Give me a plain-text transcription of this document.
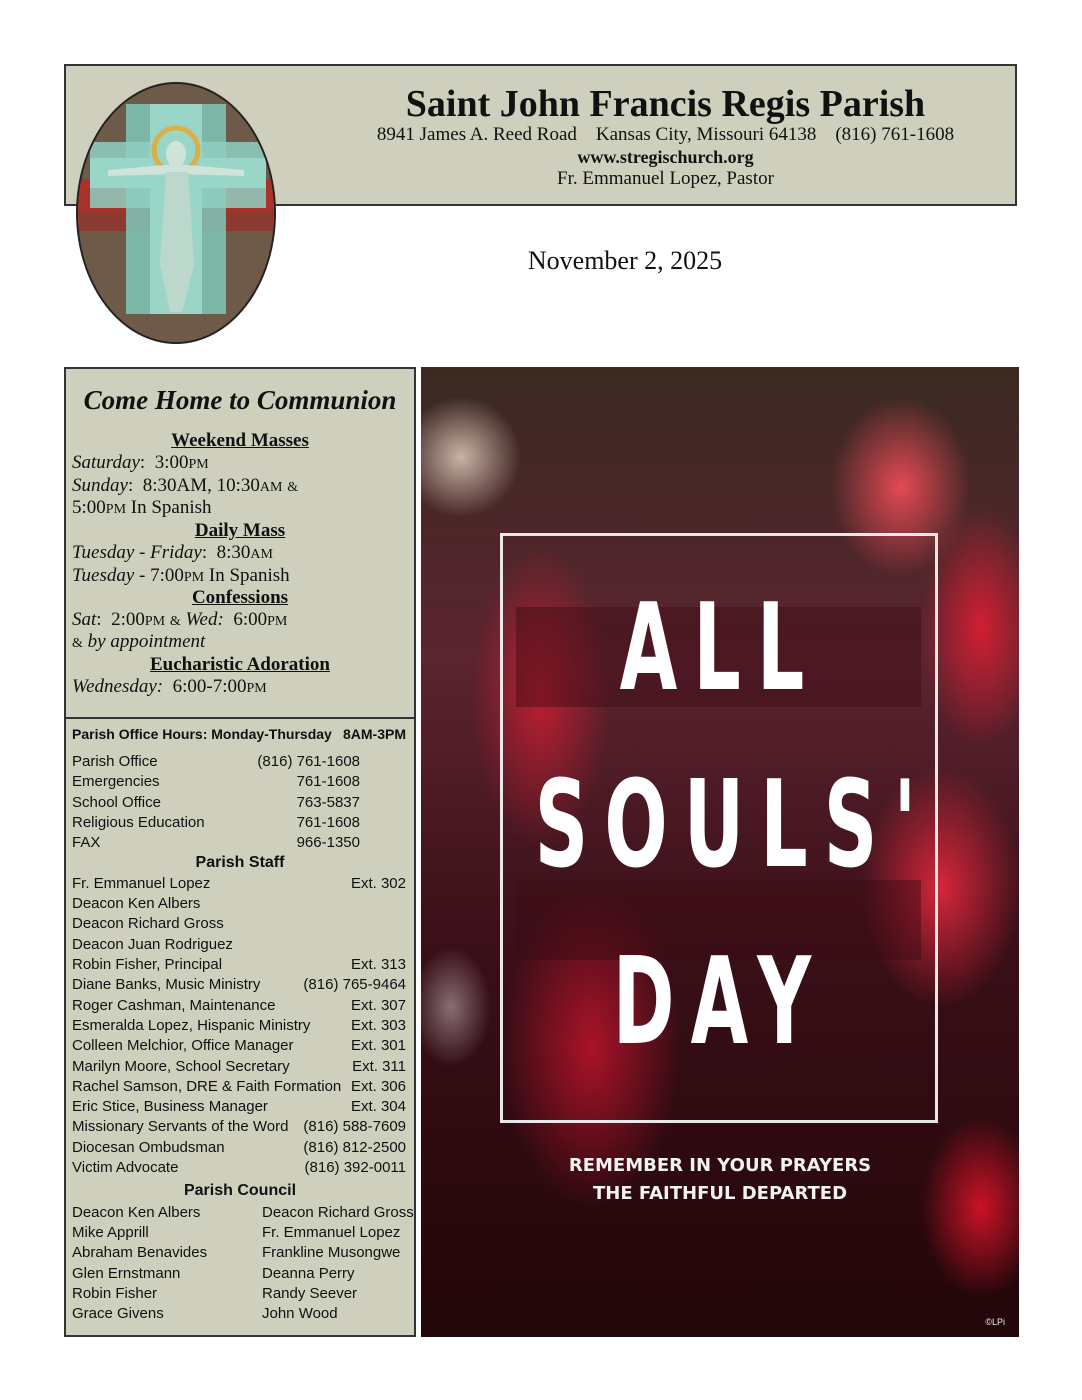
Saint John Francis Regis Parish
8941 James A. Reed Road    Kansas City, Missouri 64138    (816) 761-1608
www.stregischurch.org
Fr. Emmanuel Lopez, Pastor
November 2, 2025
Come Home to Communion
Weekend Masses
Saturday:  3:00PM
Sunday:  8:30AM, 10:30AM &
5:00PM In Spanish
Daily Mass
Tuesday - Friday:  8:30AM
Tuesday - 7:00PM In Spanish
Confessions
Sat:  2:00PM & Wed: 6:00PM
& by appointment
Eucharistic Adoration
Wednesday: 6:00-7:00PM
Parish Office Hours: Monday-Thursday 8AM-3PM
Parish Office	(816) 761-1608
Emergencies	761-1608
School Office	763-5837
Religious Education	761-1608
FAX	966-1350
Parish Staff
Fr. Emmanuel Lopez	Ext. 302
Deacon Ken Albers
Deacon Richard Gross
Deacon Juan Rodriguez
Robin Fisher, Principal	Ext. 313
Diane Banks, Music Ministry	(816) 765-9464
Roger Cashman, Maintenance	Ext. 307
Esmeralda Lopez, Hispanic Ministry	Ext. 303
Colleen Melchior, Office Manager	Ext. 301
Marilyn Moore, School Secretary	Ext. 311
Rachel Samson, DRE & Faith Formation Ext. 306
Eric Stice, Business Manager	Ext. 304
Missionary Servants of the Word (816) 588-7609
Diocesan Ombudsman	(816) 812-2500
Victim Advocate	(816) 392-0011
Parish Council
Deacon Ken Albers	Deacon Richard Gross
Mike Apprill	Fr. Emmanuel Lopez
Abraham Benavides	Frankline Musongwe
Glen Ernstmann	Deanna Perry
Robin Fisher	Randy Seever
Grace Givens	John Wood
ALL
SOULS'
DAY
REMEMBER IN YOUR PRAYERS
THE FAITHFUL DEPARTED
©LPi
